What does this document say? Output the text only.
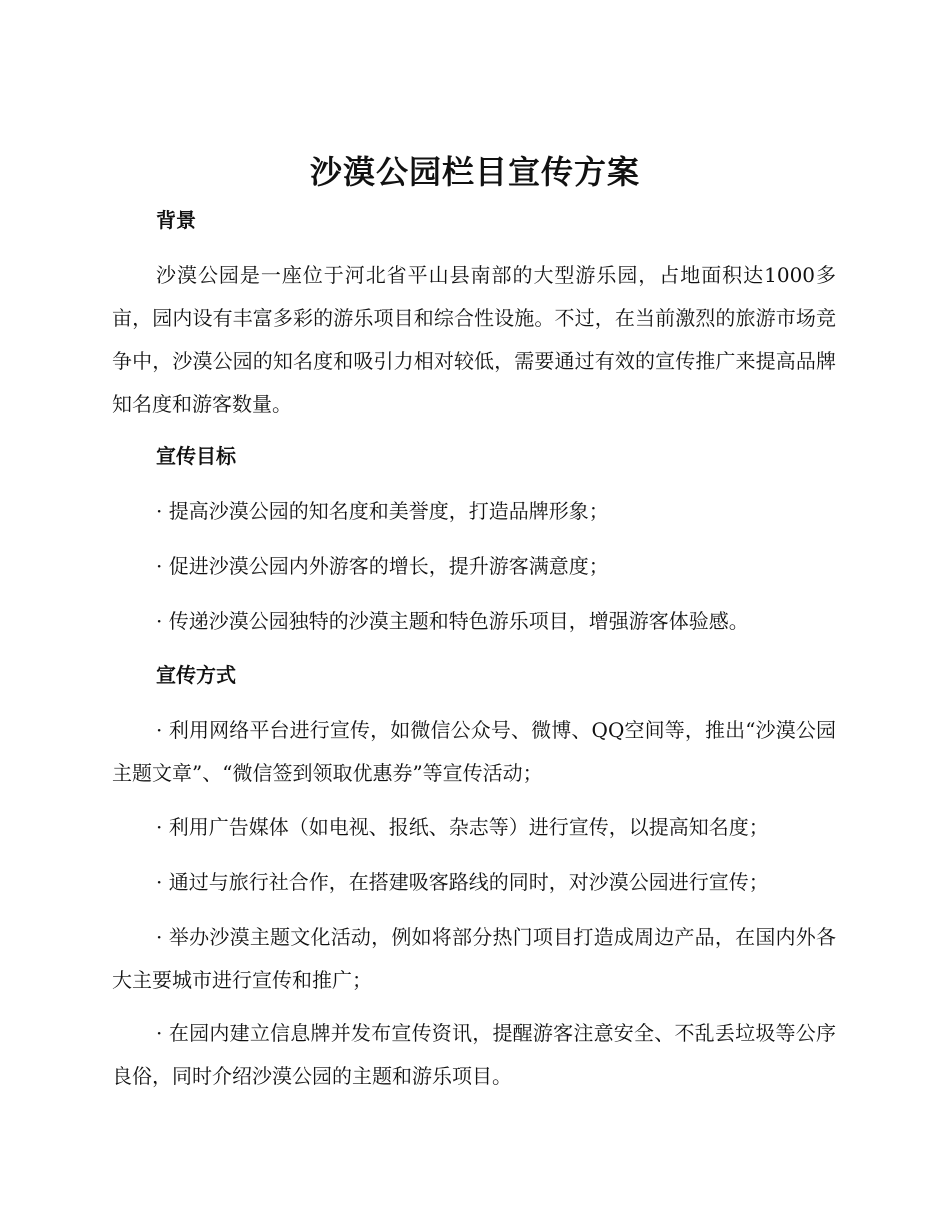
沙漠公园栏目宣传方案
背景

沙漠公园是一座位于河北省平山县南部的大型游乐园，占地面积达1000多亩，园内设有丰富多彩的游乐项目和综合性设施。不过，在当前激烈的旅游市场竞争中，沙漠公园的知名度和吸引力相对较低，需要通过有效的宣传推广来提高品牌知名度和游客数量。

宣传目标

· 提高沙漠公园的知名度和美誉度，打造品牌形象；

· 促进沙漠公园内外游客的增长，提升游客满意度；

· 传递沙漠公园独特的沙漠主题和特色游乐项目，增强游客体验感。

宣传方式

· 利用网络平台进行宣传，如微信公众号、微博、QQ空间等，推出“沙漠公园主题文章”、“微信签到领取优惠券”等宣传活动；

· 利用广告媒体（如电视、报纸、杂志等）进行宣传，以提高知名度；

· 通过与旅行社合作，在搭建吸客路线的同时，对沙漠公园进行宣传；

· 举办沙漠主题文化活动，例如将部分热门项目打造成周边产品，在国内外各大主要城市进行宣传和推广；

· 在园内建立信息牌并发布宣传资讯，提醒游客注意安全、不乱丢垃圾等公序良俗，同时介绍沙漠公园的主题和游乐项目。
